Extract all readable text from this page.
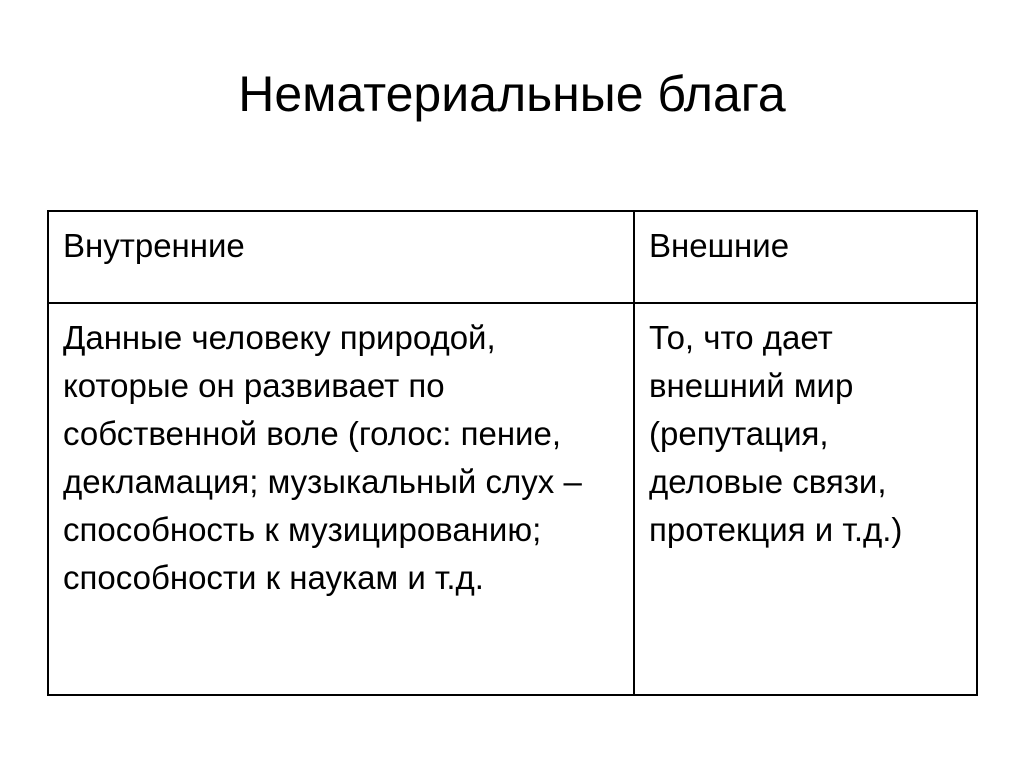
Нематериальные блага
Внутренние	Внешние

Данные человеку природой, которые он развивает по собственной воле (голос: пение, декламация; музыкальный слух – способность к музицированию; способности к наукам и т.д.	То, что дает внешний мир (репутация, деловые связи, протекция и т.д.)
